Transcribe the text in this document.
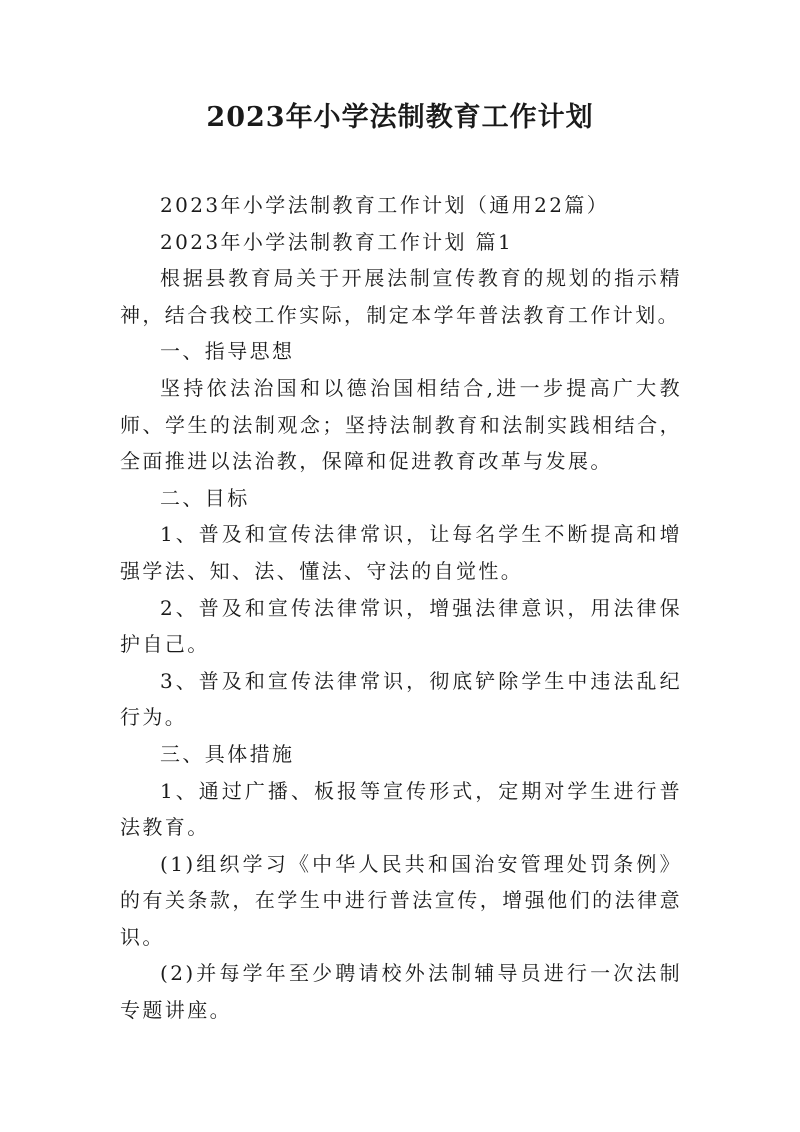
2023年小学法制教育工作计划

2023年小学法制教育工作计划（通用22篇）

2023年小学法制教育工作计划 篇1

根据县教育局关于开展法制宣传教育的规划的指示精神，结合我校工作实际，制定本学年普法教育工作计划。

一、指导思想

坚持依法治国和以德治国相结合,进一步提高广大教师、学生的法制观念；坚持法制教育和法制实践相结合，全面推进以法治教，保障和促进教育改革与发展。

二、目标

1、普及和宣传法律常识，让每名学生不断提高和增强学法、知、法、懂法、守法的自觉性。

2、普及和宣传法律常识，增强法律意识，用法律保护自己。

3、普及和宣传法律常识，彻底铲除学生中违法乱纪行为。

三、具体措施

1、通过广播、板报等宣传形式，定期对学生进行普法教育。

(1)组织学习《中华人民共和国治安管理处罚条例》的有关条款，在学生中进行普法宣传，增强他们的法律意识。

(2)并每学年至少聘请校外法制辅导员进行一次法制专题讲座。
